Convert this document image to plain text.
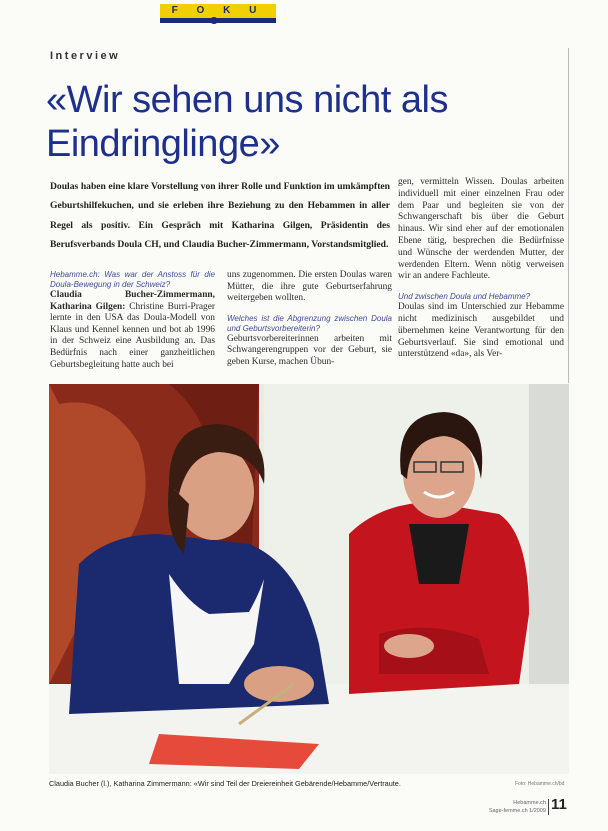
F O K U S
Interview
«Wir sehen uns nicht als Eindringlinge»

Doulas haben eine klare Vorstellung von ihrer Rolle und Funktion im umkämpften Geburtshilfekuchen, und sie erleben ihre Beziehung zu den Hebammen in aller Regel als positiv. Ein Gespräch mit Katharina Gilgen, Präsidentin des Berufsverbands Doula CH, und Claudia Bucher-Zimmermann, Vorstandsmitglied.

Hebamme.ch: Was war der Anstoss für die Doula-Bewegung in der Schweiz?

Claudia Bucher-Zimmermann, Katharina Gilgen: Christine Burri-Prager lernte in den USA das Doula-Modell von Klaus und Kennel kennen und bot ab 1996 in der Schweiz eine Ausbildung an. Das Bedürfnis nach einer ganzheitlichen Geburtsbegleitung hatte auch bei

uns zugenommen. Die ersten Doulas waren Mütter, die ihre gute Geburtserfahrung weitergeben wollten.

Welches ist die Abgrenzung zwischen Doula und Geburtsvorbereiterin?

Geburtsvorbereiterinnen arbeiten mit Schwangerengruppen vor der Geburt, sie geben Kurse, machen Übun-

gen, vermitteln Wissen. Doulas arbeiten individuell mit einer einzelnen Frau oder dem Paar und begleiten sie von der Schwangerschaft bis über die Geburt hinaus. Wir sind eher auf der emotionalen Ebene tätig, besprechen die Bedürfnisse und Wünsche der werdenden Mutter, der werdenden Eltern. Wenn nötig verweisen wir an andere Fachleute.

Und zwischen Doula und Hebamme?

Doulas sind im Unterschied zur Hebamme nicht medizinisch ausgebildet und übernehmen keine Verantwortung für den Geburtsverlauf. Sie sind emotional und unterstützend «da», als Ver-

Claudia Bucher (l.), Katharina Zimmermann: «Wir sind Teil der Dreiereinheit Gebärende/Hebamme/Vertraute.	Foto: Hebamme.ch/bd
Hebamme.ch
Sage-femme.ch 1/2009 11
